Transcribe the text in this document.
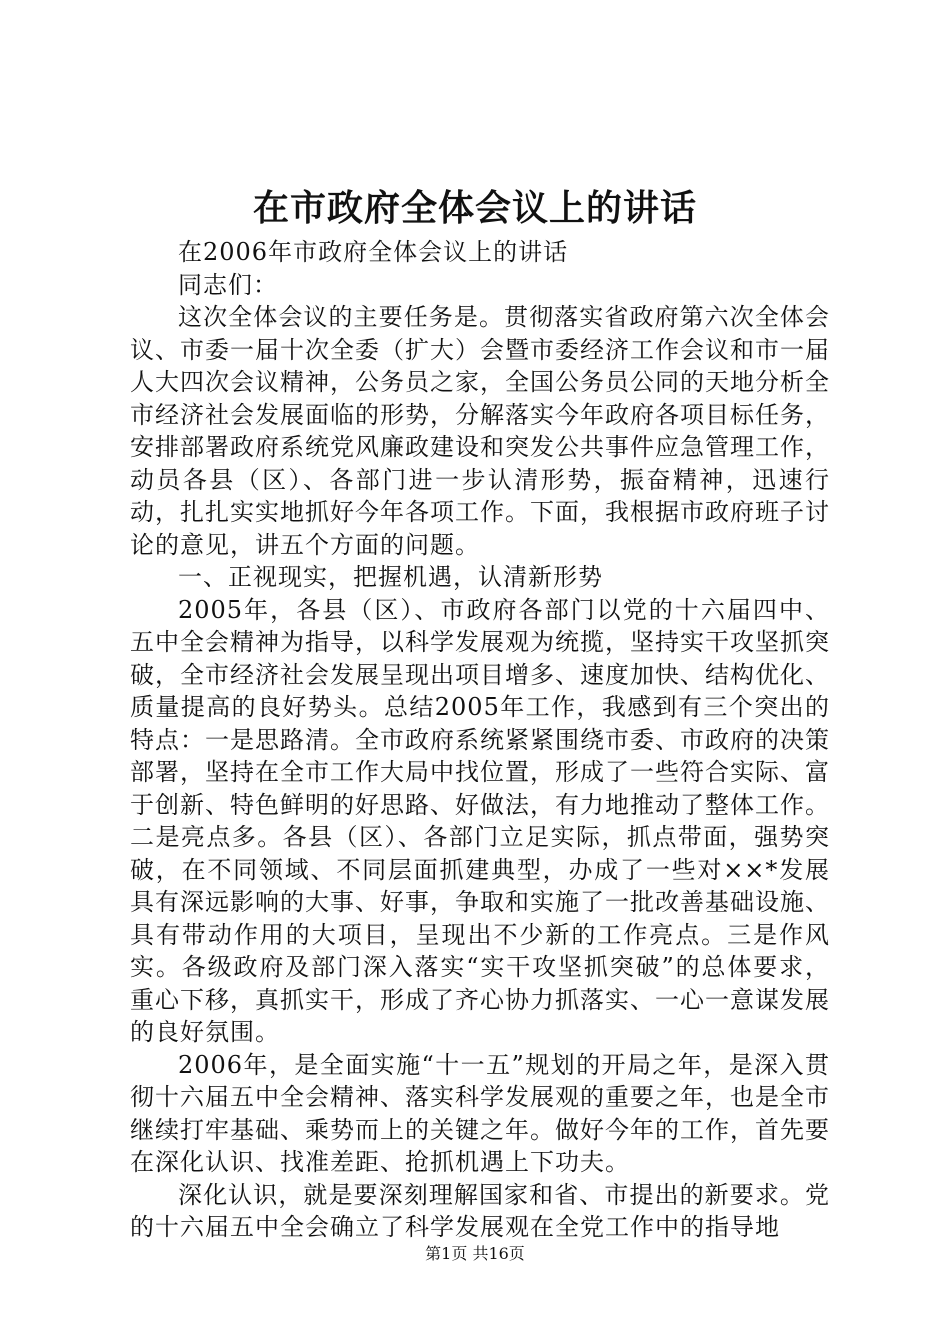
在市政府全体会议上的讲话

在2006年市政府全体会议上的讲话

同志们：

这次全体会议的主要任务是。贯彻落实省政府第六次全体会议、市委一届十次全委（扩大）会暨市委经济工作会议和市一届人大四次会议精神，公务员之家，全国公务员公同的天地分析全市经济社会发展面临的形势，分解落实今年政府各项目标任务，安排部署政府系统党风廉政建设和突发公共事件应急管理工作，动员各县（区）、各部门进一步认清形势，振奋精神，迅速行动，扎扎实实地抓好今年各项工作。下面，我根据市政府班子讨论的意见，讲五个方面的问题。

一、正视现实，把握机遇，认清新形势

2005年，各县（区）、市政府各部门以党的十六届四中、五中全会精神为指导，以科学发展观为统揽，坚持实干攻坚抓突破，全市经济社会发展呈现出项目增多、速度加快、结构优化、质量提高的良好势头。总结2005年工作，我感到有三个突出的特点：一是思路清。全市政府系统紧紧围绕市委、市政府的决策部署，坚持在全市工作大局中找位置，形成了一些符合实际、富于创新、特色鲜明的好思路、好做法，有力地推动了整体工作。二是亮点多。各县（区）、各部门立足实际，抓点带面，强势突破，在不同领域、不同层面抓建典型，办成了一些对××*发展具有深远影响的大事、好事，争取和实施了一批改善基础设施、具有带动作用的大项目，呈现出不少新的工作亮点。三是作风实。各级政府及部门深入落实“实干攻坚抓突破”的总体要求，重心下移，真抓实干，形成了齐心协力抓落实、一心一意谋发展的良好氛围。

2006年，是全面实施“十一五”规划的开局之年，是深入贯彻十六届五中全会精神、落实科学发展观的重要之年，也是全市继续打牢基础、乘势而上的关键之年。做好今年的工作，首先要在深化认识、找准差距、抢抓机遇上下功夫。

深化认识，就是要深刻理解国家和省、市提出的新要求。党的十六届五中全会确立了科学发展观在全党工作中的指导地

第1页 共16页
